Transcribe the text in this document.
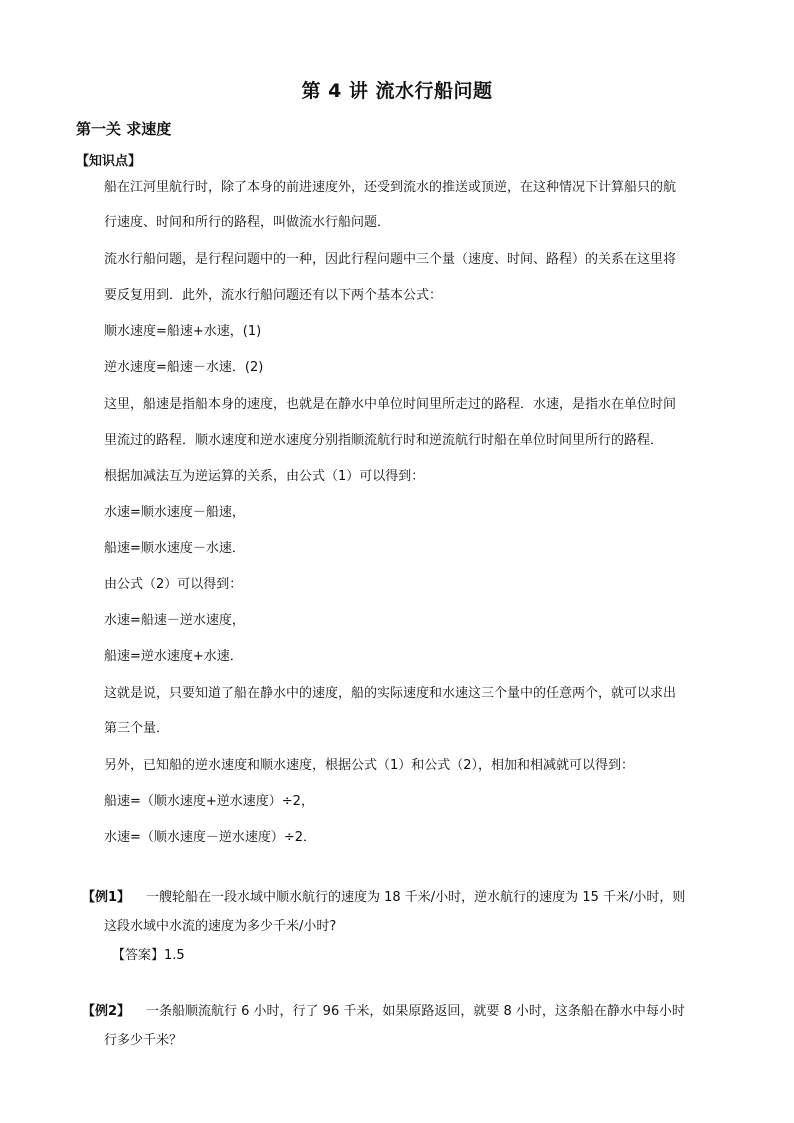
第 4 讲 流水行船问题
第一关 求速度
【知识点】
船在江河里航行时，除了本身的前进速度外，还受到流水的推送或顶逆，在这种情况下计算船只的航
行速度、时间和所行的路程，叫做流水行船问题．
流水行船问题，是行程问题中的一种，因此行程问题中三个量（速度、时间、路程）的关系在这里将
要反复用到．此外，流水行船问题还有以下两个基本公式：
顺水速度=船速+水速，(1)
逆水速度=船速－水速．(2)
这里，船速是指船本身的速度，也就是在静水中单位时间里所走过的路程．水速，是指水在单位时间
里流过的路程．顺水速度和逆水速度分别指顺流航行时和逆流航行时船在单位时间里所行的路程．
根据加减法互为逆运算的关系，由公式（1）可以得到：
水速=顺水速度－船速，
船速=顺水速度－水速．
由公式（2）可以得到：
水速=船速－逆水速度，
船速=逆水速度+水速．
这就是说，只要知道了船在静水中的速度，船的实际速度和水速这三个量中的任意两个，就可以求出
第三个量．
另外，已知船的逆水速度和顺水速度，根据公式（1）和公式（2），相加和相减就可以得到：
船速=（顺水速度+逆水速度）÷2，
水速=（顺水速度－逆水速度）÷2．
【例1】 一艘轮船在一段水域中顺水航行的速度为 18 千米/小时，逆水航行的速度为 15 千米/小时，则
这段水域中水流的速度为多少千米/小时?
【答案】1.5
【例2】 一条船顺流航行 6 小时，行了 96 千米，如果原路返回，就要 8 小时，这条船在静水中每小时
行多少千米？
